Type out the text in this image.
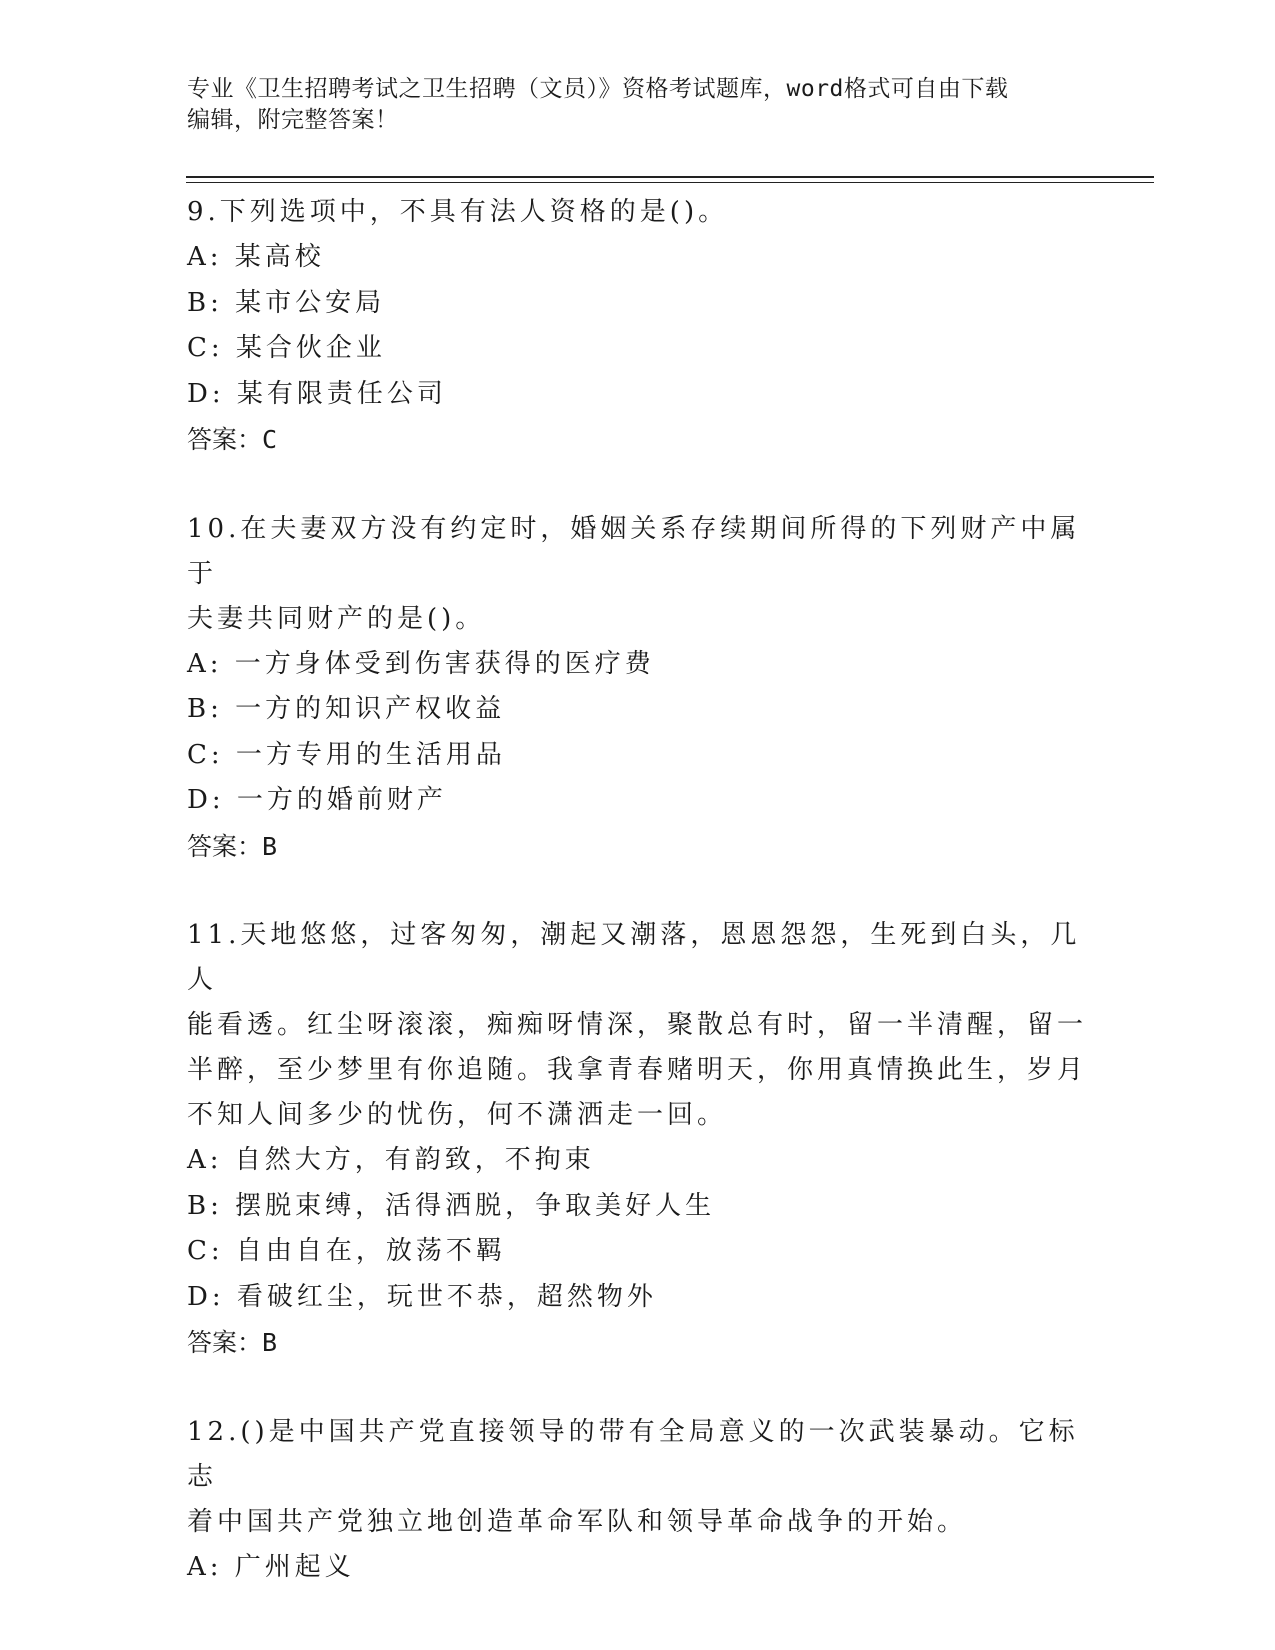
专业《卫生招聘考试之卫生招聘（文员）》资格考试题库，word格式可自由下载
编辑，附完整答案！
9.下列选项中，不具有法人资格的是()。
A: 某高校
B: 某市公安局
C: 某合伙企业
D: 某有限责任公司
答案：C
10.在夫妻双方没有约定时，婚姻关系存续期间所得的下列财产中属于
夫妻共同财产的是()。
A: 一方身体受到伤害获得的医疗费
B: 一方的知识产权收益
C: 一方专用的生活用品
D: 一方的婚前财产
答案：B
11.天地悠悠，过客匆匆，潮起又潮落，恩恩怨怨，生死到白头，几人
能看透。红尘呀滚滚，痴痴呀情深，聚散总有时，留一半清醒，留一
半醉，至少梦里有你追随。我拿青春赌明天，你用真情换此生，岁月
不知人间多少的忧伤，何不潇洒走一回。
A: 自然大方，有韵致，不拘束
B: 摆脱束缚，活得洒脱，争取美好人生
C: 自由自在，放荡不羁
D: 看破红尘，玩世不恭，超然物外
答案：B
12.()是中国共产党直接领导的带有全局意义的一次武装暴动。它标志
着中国共产党独立地创造革命军队和领导革命战争的开始。
A: 广州起义
